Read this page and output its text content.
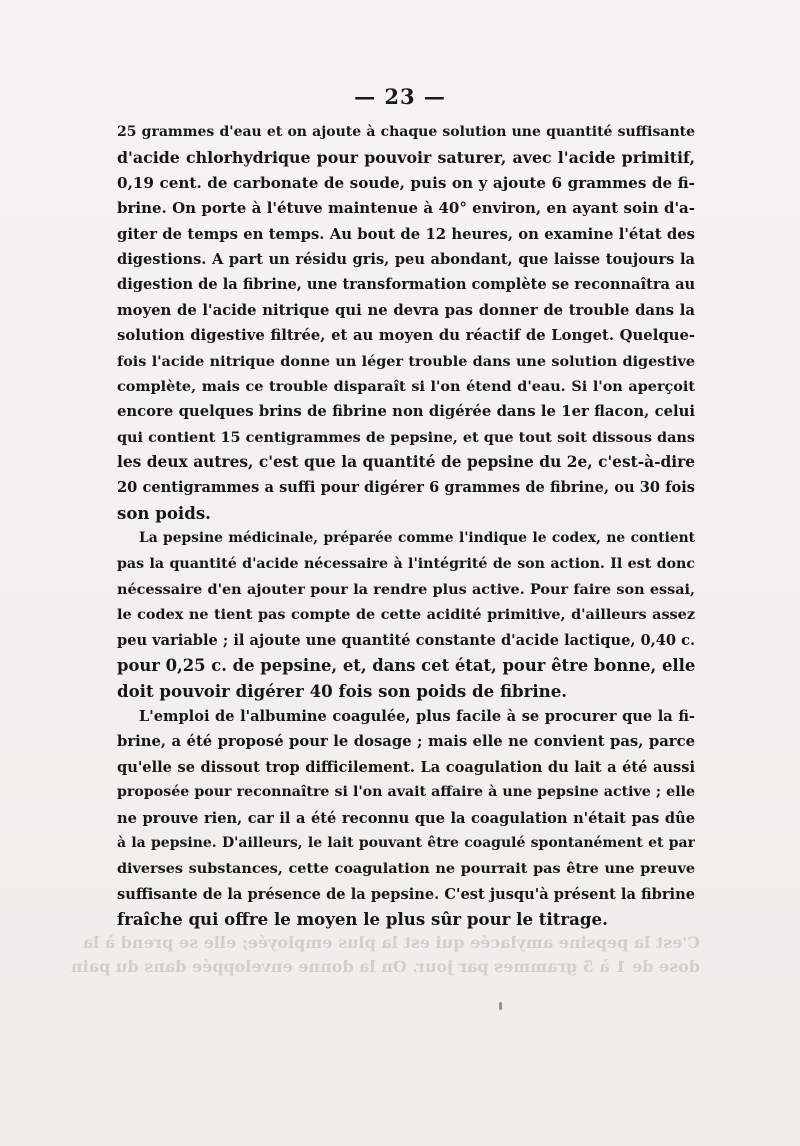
— 23 —
25 grammes d'eau et on ajoute à chaque solution une quantité suffisante
d'acide chlorhydrique pour pouvoir saturer, avec l'acide primitif,
0,19 cent. de carbonate de soude, puis on y ajoute 6 grammes de fi-
brine. On porte à l'étuve maintenue à 40° environ, en ayant soin d'a-
giter de temps en temps. Au bout de 12 heures, on examine l'état des
digestions. A part un résidu gris, peu abondant, que laisse toujours la
digestion de la fibrine, une transformation complète se reconnaîtra au
moyen de l'acide nitrique qui ne devra pas donner de trouble dans la
solution digestive filtrée, et au moyen du réactif de Longet. Quelque-
fois l'acide nitrique donne un léger trouble dans une solution digestive
complète, mais ce trouble disparaît si l'on étend d'eau. Si l'on aperçoit
encore quelques brins de fibrine non digérée dans le 1er flacon, celui
qui contient 15 centigrammes de pepsine, et que tout soit dissous dans
les deux autres, c'est que la quantité de pepsine du 2e, c'est-à-dire
20 centigrammes a suffi pour digérer 6 grammes de fibrine, ou 30 fois
son poids.
La pepsine médicinale, préparée comme l'indique le codex, ne contient
pas la quantité d'acide nécessaire à l'intégrité de son action. Il est donc
nécessaire d'en ajouter pour la rendre plus active. Pour faire son essai,
le codex ne tient pas compte de cette acidité primitive, d'ailleurs assez
peu variable ; il ajoute une quantité constante d'acide lactique, 0,40 c.
pour 0,25 c. de pepsine, et, dans cet état, pour être bonne, elle
doit pouvoir digérer 40 fois son poids de fibrine.
L'emploi de l'albumine coagulée, plus facile à se procurer que la fi-
brine, a été proposé pour le dosage ; mais elle ne convient pas, parce
qu'elle se dissout trop difficilement. La coagulation du lait a été aussi
proposée pour reconnaître si l'on avait affaire à une pepsine active ; elle
ne prouve rien, car il a été reconnu que la coagulation n'était pas dûe
à la pepsine. D'ailleurs, le lait pouvant être coagulé spontanément et par
diverses substances, cette coagulation ne pourrait pas être une preuve
suffisante de la présence de la pepsine. C'est jusqu'à présent la fibrine
fraîche qui offre le moyen le plus sûr pour le titrage.
C'est la pepsine amylacée qui est la plus employée; elle se prend à la
dose de 1 à 5 grammes par jour. On la donne enveloppée dans du pain
